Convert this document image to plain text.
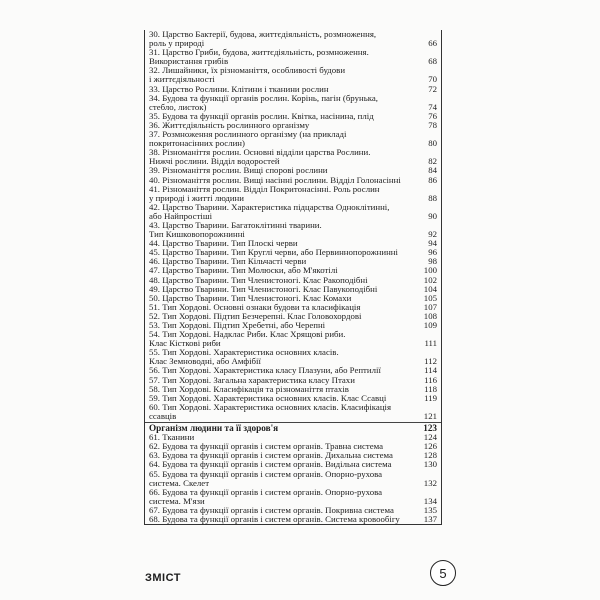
30. Царство Бактерії, будова, життєдіяльність, розмноження,
роль у природі	66
31. Царство Гриби, будова, життєдіяльність, розмноження.
Використання грибів	68
32. Лишайники, їх різноманіття, особливості будови
і життєдіяльності	70
33. Царство Рослини. Клітини і тканини рослин	72
34. Будова та функції органів рослин. Корінь, пагін (брунька,
стебло, листок)	74
35. Будова та функції органів рослин. Квітка, насінина, плід	76
36. Життєдіяльність рослинного організму	78
37. Розмноження рослинного організму (на прикладі
покритонасінних рослин)	80
38. Різноманіття рослин. Основні відділи царства Рослини.
Нижчі рослини. Відділ водоростей	82
39. Різноманіття рослин. Вищі спорові рослини	84
40. Різноманіття рослин. Вищі насінні рослини. Відділ Голонасінні	86
41. Різноманіття рослин. Відділ Покритонасінні. Роль рослин
у природі і житті людини	88
42. Царство Тварини. Характеристика підцарства Одноклітинні,
або Найпростіші	90
43. Царство Тварини. Багатоклітинні тварини.
Тип Кишковопорожнинні	92
44. Царство Тварини. Тип Плоскі черви	94
45. Царство Тварини. Тип Круглі черви, або Первиннопорожнинні	96
46. Царство Тварини. Тип Кільчасті черви	98
47. Царство Тварини. Тип Молюски, або М'якотілі	100
48. Царство Тварини. Тип Членистоногі. Клас Ракоподібні	102
49. Царство Тварини. Тип Членистоногі. Клас Павукоподібні	104
50. Царство Тварини. Тип Членистоногі. Клас Комахи	105
51. Тип Хордові. Основні ознаки будови та класифікація	107
52. Тип Хордові. Підтип Безчерепні. Клас Головохордові	108
53. Тип Хордові. Підтип Хребетні, або Черепні	109
54. Тип Хордові. Надклас Риби. Клас Хрящові риби.
Клас Кісткові риби	111
55. Тип Хордові. Характеристика основних класів.
Клас Земноводні, або Амфібії	112
56. Тип Хордові. Характеристика класу Плазуни, або Рептилії	114
57. Тип Хордові. Загальна характеристика класу Птахи	116
58. Тип Хордові. Класифікація та різноманіття птахів	118
59. Тип Хордові. Характеристика основних класів. Клас Ссавці	119
60. Тип Хордові. Характеристика основних класів. Класифікація
ссавців	121
Організм людини та її здоров'я	123
61. Тканини	124
62. Будова та функції органів і систем органів. Травна система	126
63. Будова та функції органів і систем органів. Дихальна система	128
64. Будова та функції органів і систем органів. Видільна система	130
65. Будова та функції органів і систем органів. Опорно-рухова
система. Скелет	132
66. Будова та функції органів і систем органів. Опорно-рухова
система. М'язи	134
67. Будова та функції органів і систем органів. Покривна система	135
68. Будова та функції органів і систем органів. Система кровообігу	137
ЗМІСТ	5
